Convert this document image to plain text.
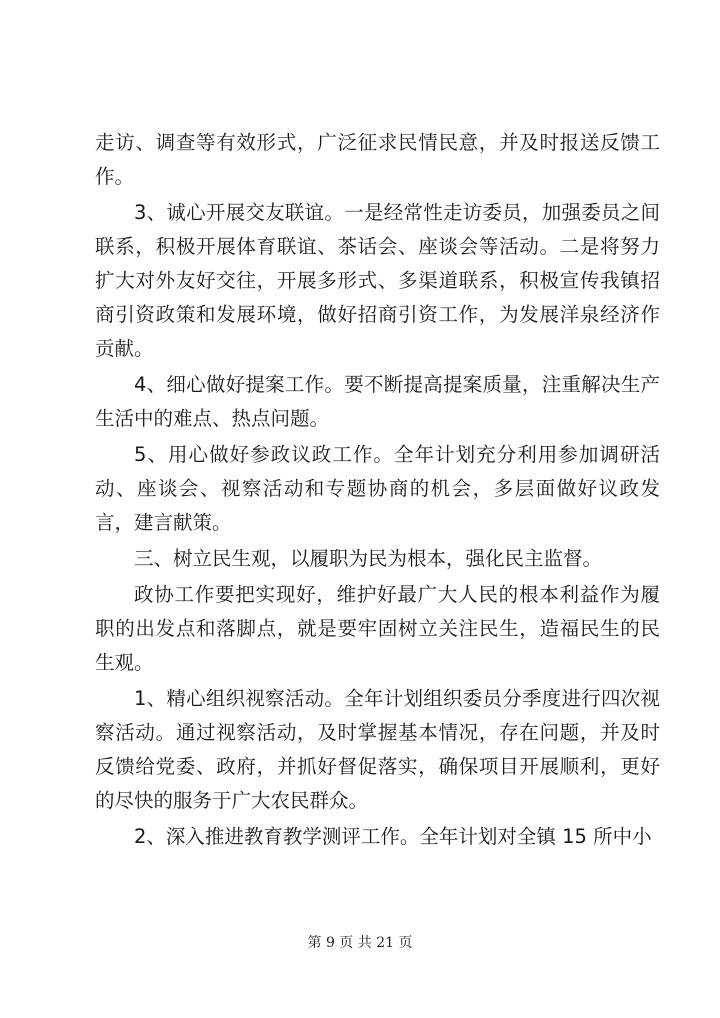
走访、调查等有效形式，广泛征求民情民意，并及时报送反馈工作。

3、诚心开展交友联谊。一是经常性走访委员，加强委员之间联系，积极开展体育联谊、茶话会、座谈会等活动。二是将努力扩大对外友好交往，开展多形式、多渠道联系，积极宣传我镇招商引资政策和发展环境，做好招商引资工作，为发展洋泉经济作贡献。

4、细心做好提案工作。要不断提高提案质量，注重解决生产生活中的难点、热点问题。

5、用心做好参政议政工作。全年计划充分利用参加调研活动、座谈会、视察活动和专题协商的机会，多层面做好议政发言，建言献策。

三、树立民生观，以履职为民为根本，强化民主监督。

政协工作要把实现好，维护好最广大人民的根本利益作为履职的出发点和落脚点，就是要牢固树立关注民生，造福民生的民生观。

1、精心组织视察活动。全年计划组织委员分季度进行四次视察活动。通过视察活动，及时掌握基本情况，存在问题，并及时反馈给党委、政府，并抓好督促落实，确保项目开展顺利，更好的尽快的服务于广大农民群众。

2、深入推进教育教学测评工作。全年计划对全镇 15 所中小

第 9 页 共 21 页
